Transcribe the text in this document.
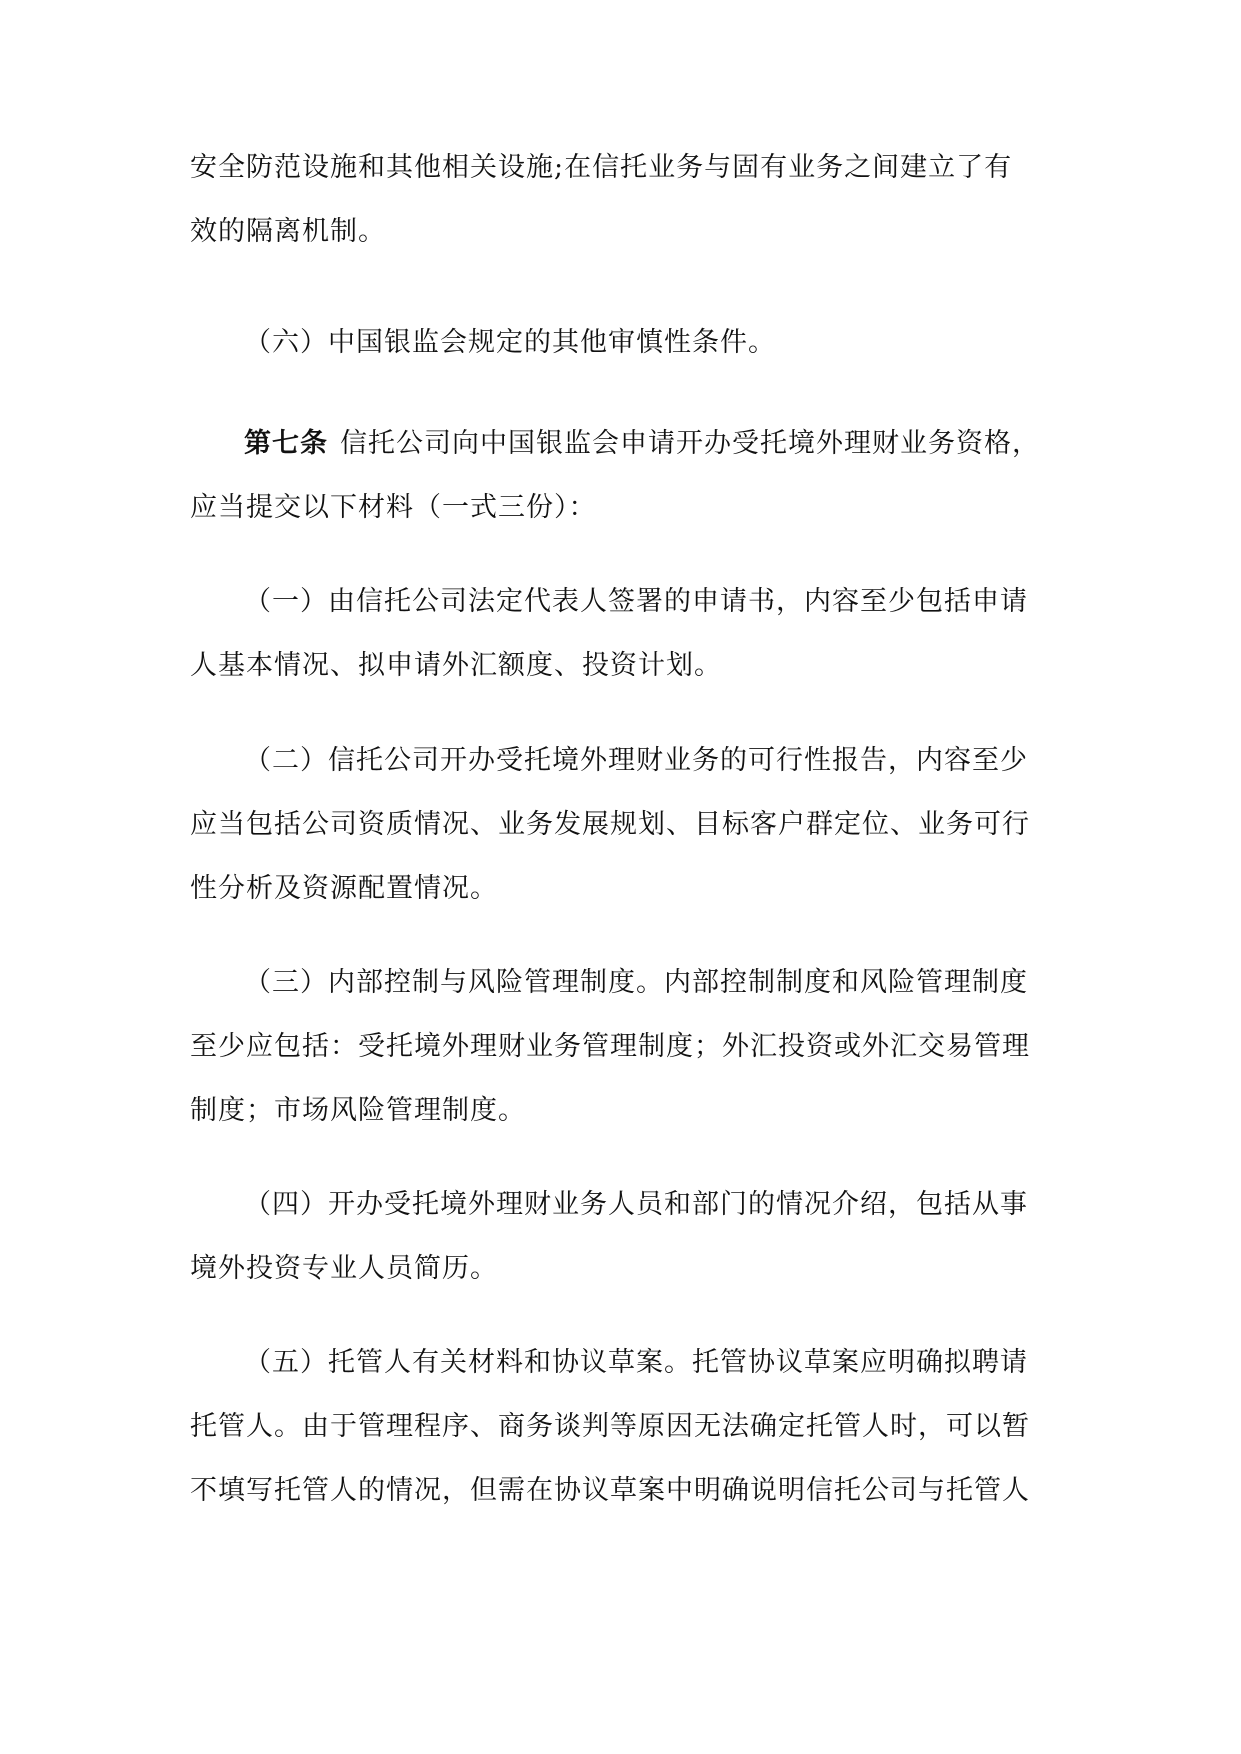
安全防范设施和其他相关设施;在信托业务与固有业务之间建立了有
效的隔离机制。

（六）中国银监会规定的其他审慎性条件。

第七条 信托公司向中国银监会申请开办受托境外理财业务资格，
应当提交以下材料（一式三份）：

（一）由信托公司法定代表人签署的申请书，内容至少包括申请
人基本情况、拟申请外汇额度、投资计划。

（二）信托公司开办受托境外理财业务的可行性报告，内容至少
应当包括公司资质情况、业务发展规划、目标客户群定位、业务可行
性分析及资源配置情况。

（三）内部控制与风险管理制度。内部控制制度和风险管理制度
至少应包括：受托境外理财业务管理制度；外汇投资或外汇交易管理
制度；市场风险管理制度。

（四）开办受托境外理财业务人员和部门的情况介绍，包括从事
境外投资专业人员简历。

（五）托管人有关材料和协议草案。托管协议草案应明确拟聘请
托管人。由于管理程序、商务谈判等原因无法确定托管人时，可以暂
不填写托管人的情况，但需在协议草案中明确说明信托公司与托管人
